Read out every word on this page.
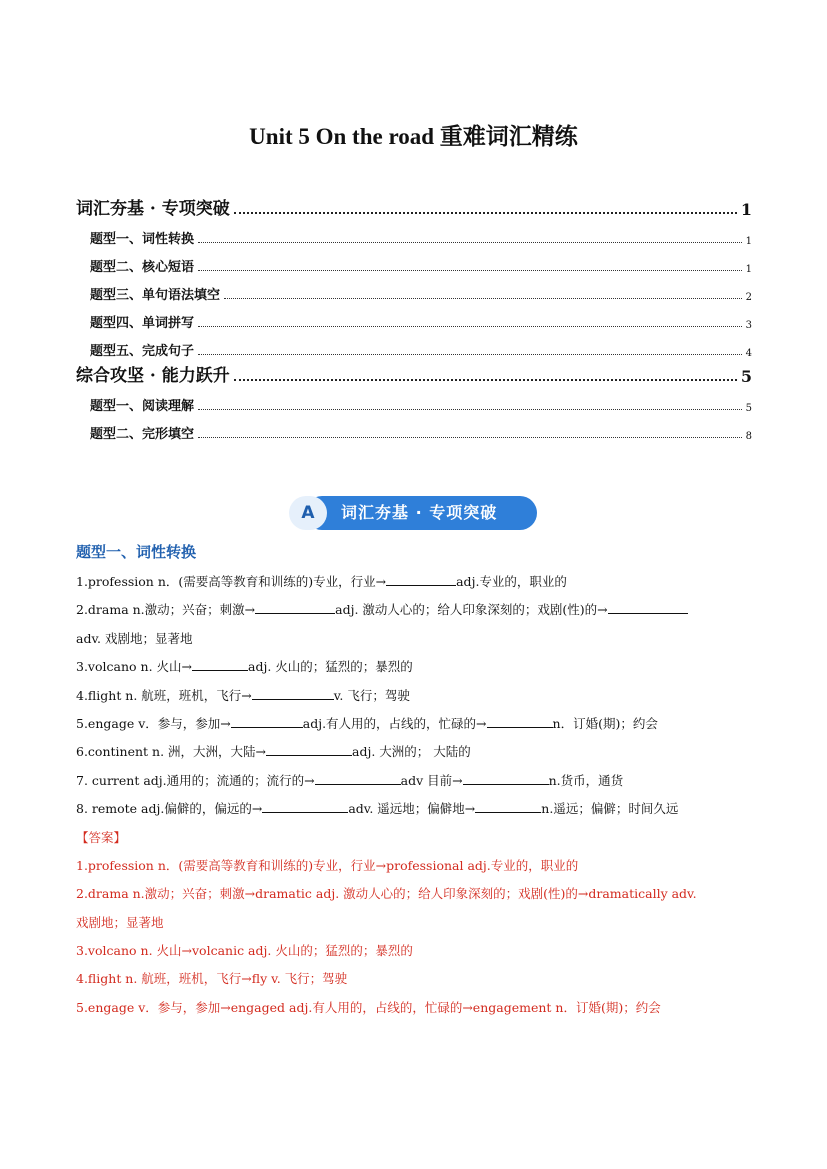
Unit 5 On the road 重难词汇精练
词汇夯基 · 专项突破	1
题型一、词性转换	1
题型二、核心短语	1
题型三、单句语法填空	2
题型四、单词拼写	3
题型五、完成句子	4
综合攻坚 · 能力跃升	5
题型一、阅读理解	5
题型二、完形填空	8
A	词汇夯基 · 专项突破
题型一、词性转换
1.profession n．(需要高等教育和训练的)专业，行业→	adj.专业的，职业的
2.drama n.激动；兴奋；刺激→	adj. 激动人心的；给人印象深刻的；戏剧(性)的→
adv. 戏剧地；显著地
3.volcano n. 火山→	adj. 火山的；猛烈的；暴烈的
4.flight n. 航班，班机，飞行→	v. 飞行；驾驶
5.engage v．参与，参加→	adj.有人用的，占线的，忙碌的→	n．订婚(期)；约会
6.continent n. 洲，大洲，大陆→	adj. 大洲的； 大陆的
7. current adj.通用的；流通的；流行的→	adv 目前→	n.货币，通货
8. remote adj.偏僻的，偏远的→	adv. 遥远地；偏僻地→	n.遥远；偏僻；时间久远
【答案】
1.profession n．(需要高等教育和训练的)专业，行业→professional adj.专业的，职业的
2.drama n.激动；兴奋；刺激→dramatic adj. 激动人心的；给人印象深刻的；戏剧(性)的→dramatically adv.
戏剧地；显著地
3.volcano n. 火山→volcanic adj. 火山的；猛烈的；暴烈的
4.flight n. 航班，班机，飞行→fly v. 飞行；驾驶
5.engage v．参与，参加→engaged adj.有人用的，占线的，忙碌的→engagement n．订婚(期)；约会
